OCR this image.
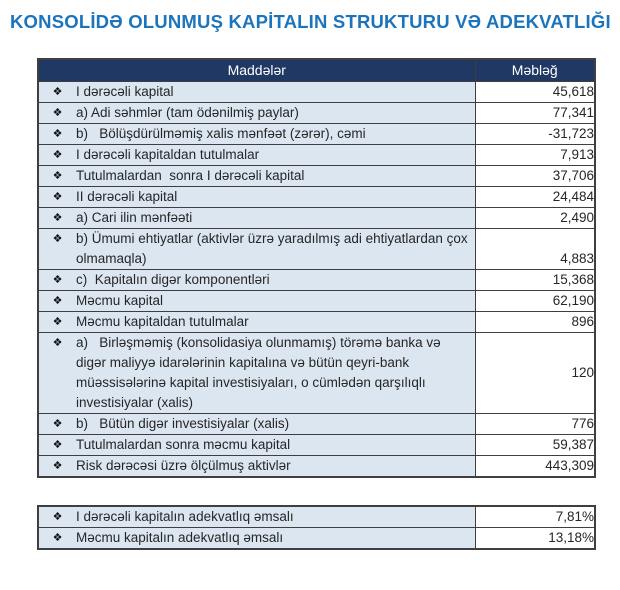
KONSOLİDƏ OLUNMUŞ KAPİTALIN STRUKTURU VƏ ADEKVATLIĞI
Maddələr	Məbləğ

❖ I dərəcəli kapital	45,618

❖ a) Adi səhmlər (tam ödənilmiş paylar)	77,341

❖ b)   Bölüşdürülməmiş xalis mənfəət (zərər), cəmi	-31,723

❖ I dərəcəli kapitaldan tutulmalar	7,913

❖ Tutulmalardan  sonra I dərəcəli kapital	37,706

❖ II dərəcəli kapital	24,484

❖ a) Cari ilin mənfəəti	2,490

❖ b) Ümumi ehtiyatlar (aktivlər üzrə yaradılmış adi ehtiyatlardan çox olmamaqla)	4,883

❖ c)  Kapitalın digər komponentləri	15,368

❖ Məcmu kapital	62,190

❖ Məcmu kapitaldan tutulmalar	896

❖ a)   Birləşməmiş (konsolidasiya olunmamış) törəmə banka və digər maliyyə idarələrinin kapitalına və bütün qeyri-bank müəssisələrinə kapital investisiyaları, o cümlədən qarşılıqlı investisiyalar (xalis)	120

❖ b)   Bütün digər investisiyalar (xalis)	776

❖ Tutulmalardan sonra məcmu kapital	59,387

❖ Risk dərəcəsi üzrə ölçülmuş aktivlər	443,309
❖ I dərəcəli kapitalın adekvatlıq əmsalı	7,81%

❖ Məcmu kapitalın adekvatlıq əmsalı	13,18%
